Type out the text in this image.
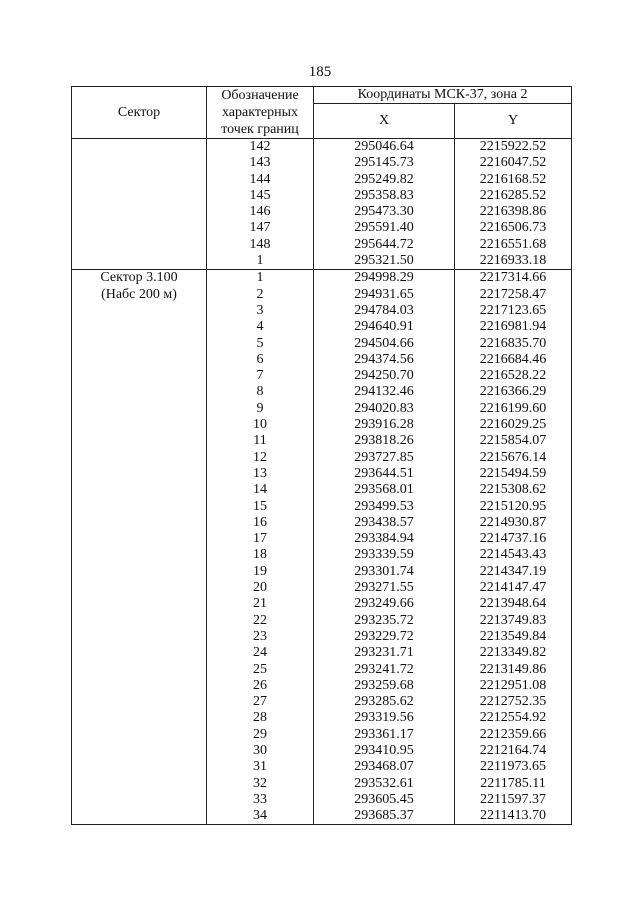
185
Сектор	Обозначение характерных точек границ	Координаты МСК-37, зона 2	
		X	Y

	142	295046.64	2215922.52
	143	295145.73	2216047.52
	144	295249.82	2216168.52
	145	295358.83	2216285.52
	146	295473.30	2216398.86
	147	295591.40	2216506.73
	148	295644.72	2216551.68
	1	295321.50	2216933.18

Сектор 3.100
(Набс 200 м)	1	294998.29	2217314.66
	2	294931.65	2217258.47
	3	294784.03	2217123.65
	4	294640.91	2216981.94
	5	294504.66	2216835.70
	6	294374.56	2216684.46
	7	294250.70	2216528.22
	8	294132.46	2216366.29
	9	294020.83	2216199.60
	10	293916.28	2216029.25
	11	293818.26	2215854.07
	12	293727.85	2215676.14
	13	293644.51	2215494.59
	14	293568.01	2215308.62
	15	293499.53	2215120.95
	16	293438.57	2214930.87
	17	293384.94	2214737.16
	18	293339.59	2214543.43
	19	293301.74	2214347.19
	20	293271.55	2214147.47
	21	293249.66	2213948.64
	22	293235.72	2213749.83
	23	293229.72	2213549.84
	24	293231.71	2213349.82
	25	293241.72	2213149.86
	26	293259.68	2212951.08
	27	293285.62	2212752.35
	28	293319.56	2212554.92
	29	293361.17	2212359.66
	30	293410.95	2212164.74
	31	293468.07	2211973.65
	32	293532.61	2211785.11
	33	293605.45	2211597.37
	34	293685.37	2211413.70
